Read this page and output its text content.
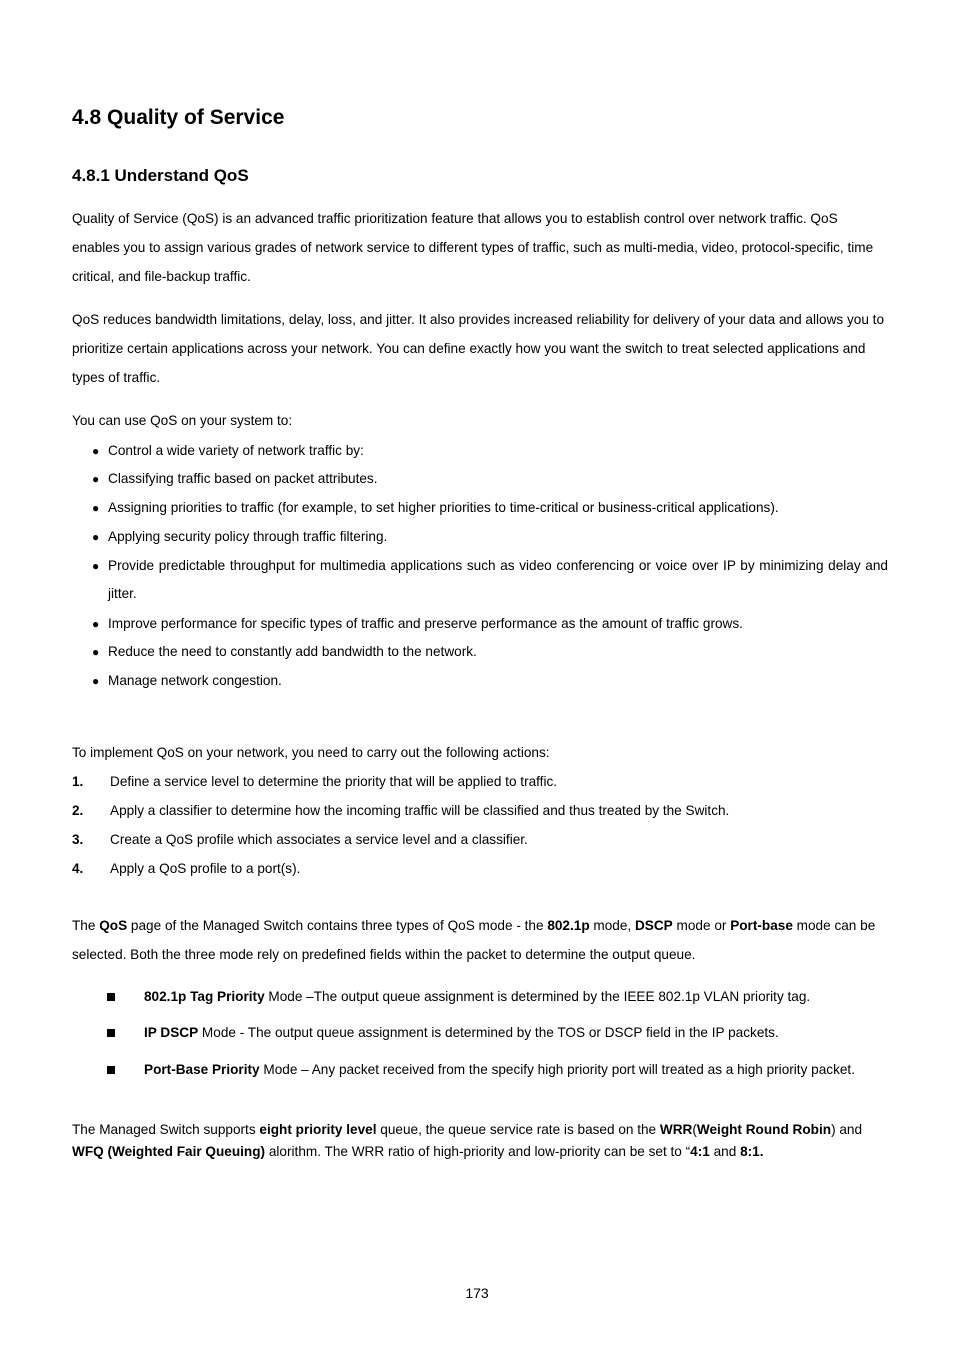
4.8 Quality of Service
4.8.1 Understand QoS

Quality of Service (QoS) is an advanced traffic prioritization feature that allows you to establish control over network traffic. QoS enables you to assign various grades of network service to different types of traffic, such as multi-media, video, protocol-specific, time critical, and file-backup traffic.

QoS reduces bandwidth limitations, delay, loss, and jitter. It also provides increased reliability for delivery of your data and allows you to prioritize certain applications across your network. You can define exactly how you want the switch to treat selected applications and types of traffic.

You can use QoS on your system to:

● Control a wide variety of network traffic by:
● Classifying traffic based on packet attributes.
● Assigning priorities to traffic (for example, to set higher priorities to time-critical or business-critical applications).
● Applying security policy through traffic filtering.
● Provide predictable throughput for multimedia applications such as video conferencing or voice over IP by minimizing delay and jitter.
● Improve performance for specific types of traffic and preserve performance as the amount of traffic grows.
● Reduce the need to constantly add bandwidth to the network.
● Manage network congestion.

To implement QoS on your network, you need to carry out the following actions:

1. Define a service level to determine the priority that will be applied to traffic.
2. Apply a classifier to determine how the incoming traffic will be classified and thus treated by the Switch.
3. Create a QoS profile which associates a service level and a classifier.
4. Apply a QoS profile to a port(s).

The QoS page of the Managed Switch contains three types of QoS mode - the 802.1p mode, DSCP mode or Port-base mode can be selected. Both the three mode rely on predefined fields within the packet to determine the output queue.

802.1p Tag Priority Mode –The output queue assignment is determined by the IEEE 802.1p VLAN priority tag.
IP DSCP Mode - The output queue assignment is determined by the TOS or DSCP field in the IP packets.
Port-Base Priority Mode – Any packet received from the specify high priority port will treated as a high priority packet.

The Managed Switch supports eight priority level queue, the queue service rate is based on the WRR(Weight Round Robin) and WFQ (Weighted Fair Queuing) alorithm. The WRR ratio of high-priority and low-priority can be set to “4:1 and 8:1.

173
